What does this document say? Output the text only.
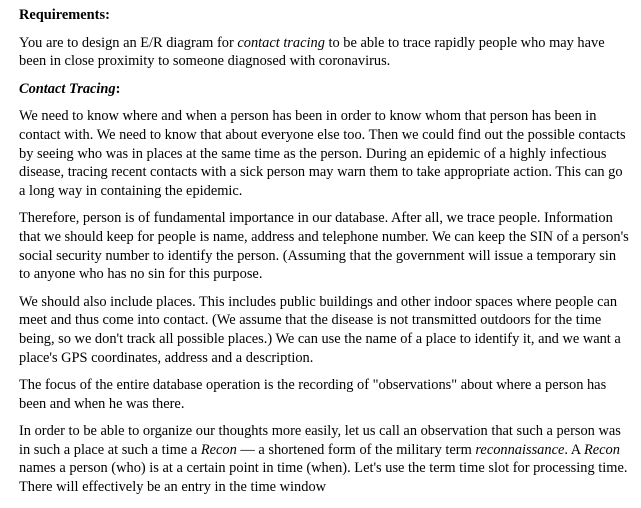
Requirements:

You are to design an E/R diagram for contact tracing to be able to trace rapidly people who may have been in close proximity to someone diagnosed with coronavirus.

Contact Tracing:

We need to know where and when a person has been in order to know whom that person has been in contact with. We need to know that about everyone else too. Then we could find out the possible contacts by seeing who was in places at the same time as the person. During an epidemic of a highly infectious disease, tracing recent contacts with a sick person may warn them to take appropriate action. This can go a long way in containing the epidemic.

Therefore, person is of fundamental importance in our database. After all, we trace people. Information that we should keep for people is name, address and telephone number. We can keep the SIN of a person's social security number to identify the person. (Assuming that the government will issue a temporary sin to anyone who has no sin for this purpose.

We should also include places. This includes public buildings and other indoor spaces where people can meet and thus come into contact. (We assume that the disease is not transmitted outdoors for the time being, so we don't track all possible places.) We can use the name of a place to identify it, and we want a place's GPS coordinates, address and a description.

The focus of the entire database operation is the recording of "observations" about where a person has been and when he was there.

In order to be able to organize our thoughts more easily, let us call an observation that such a person was in such a place at such a time a Recon — a shortened form of the military term reconnaissance. A Recon names a person (who) is at a certain point in time (when). Let's use the term time slot for processing time. There will effectively be an entry in the time window
